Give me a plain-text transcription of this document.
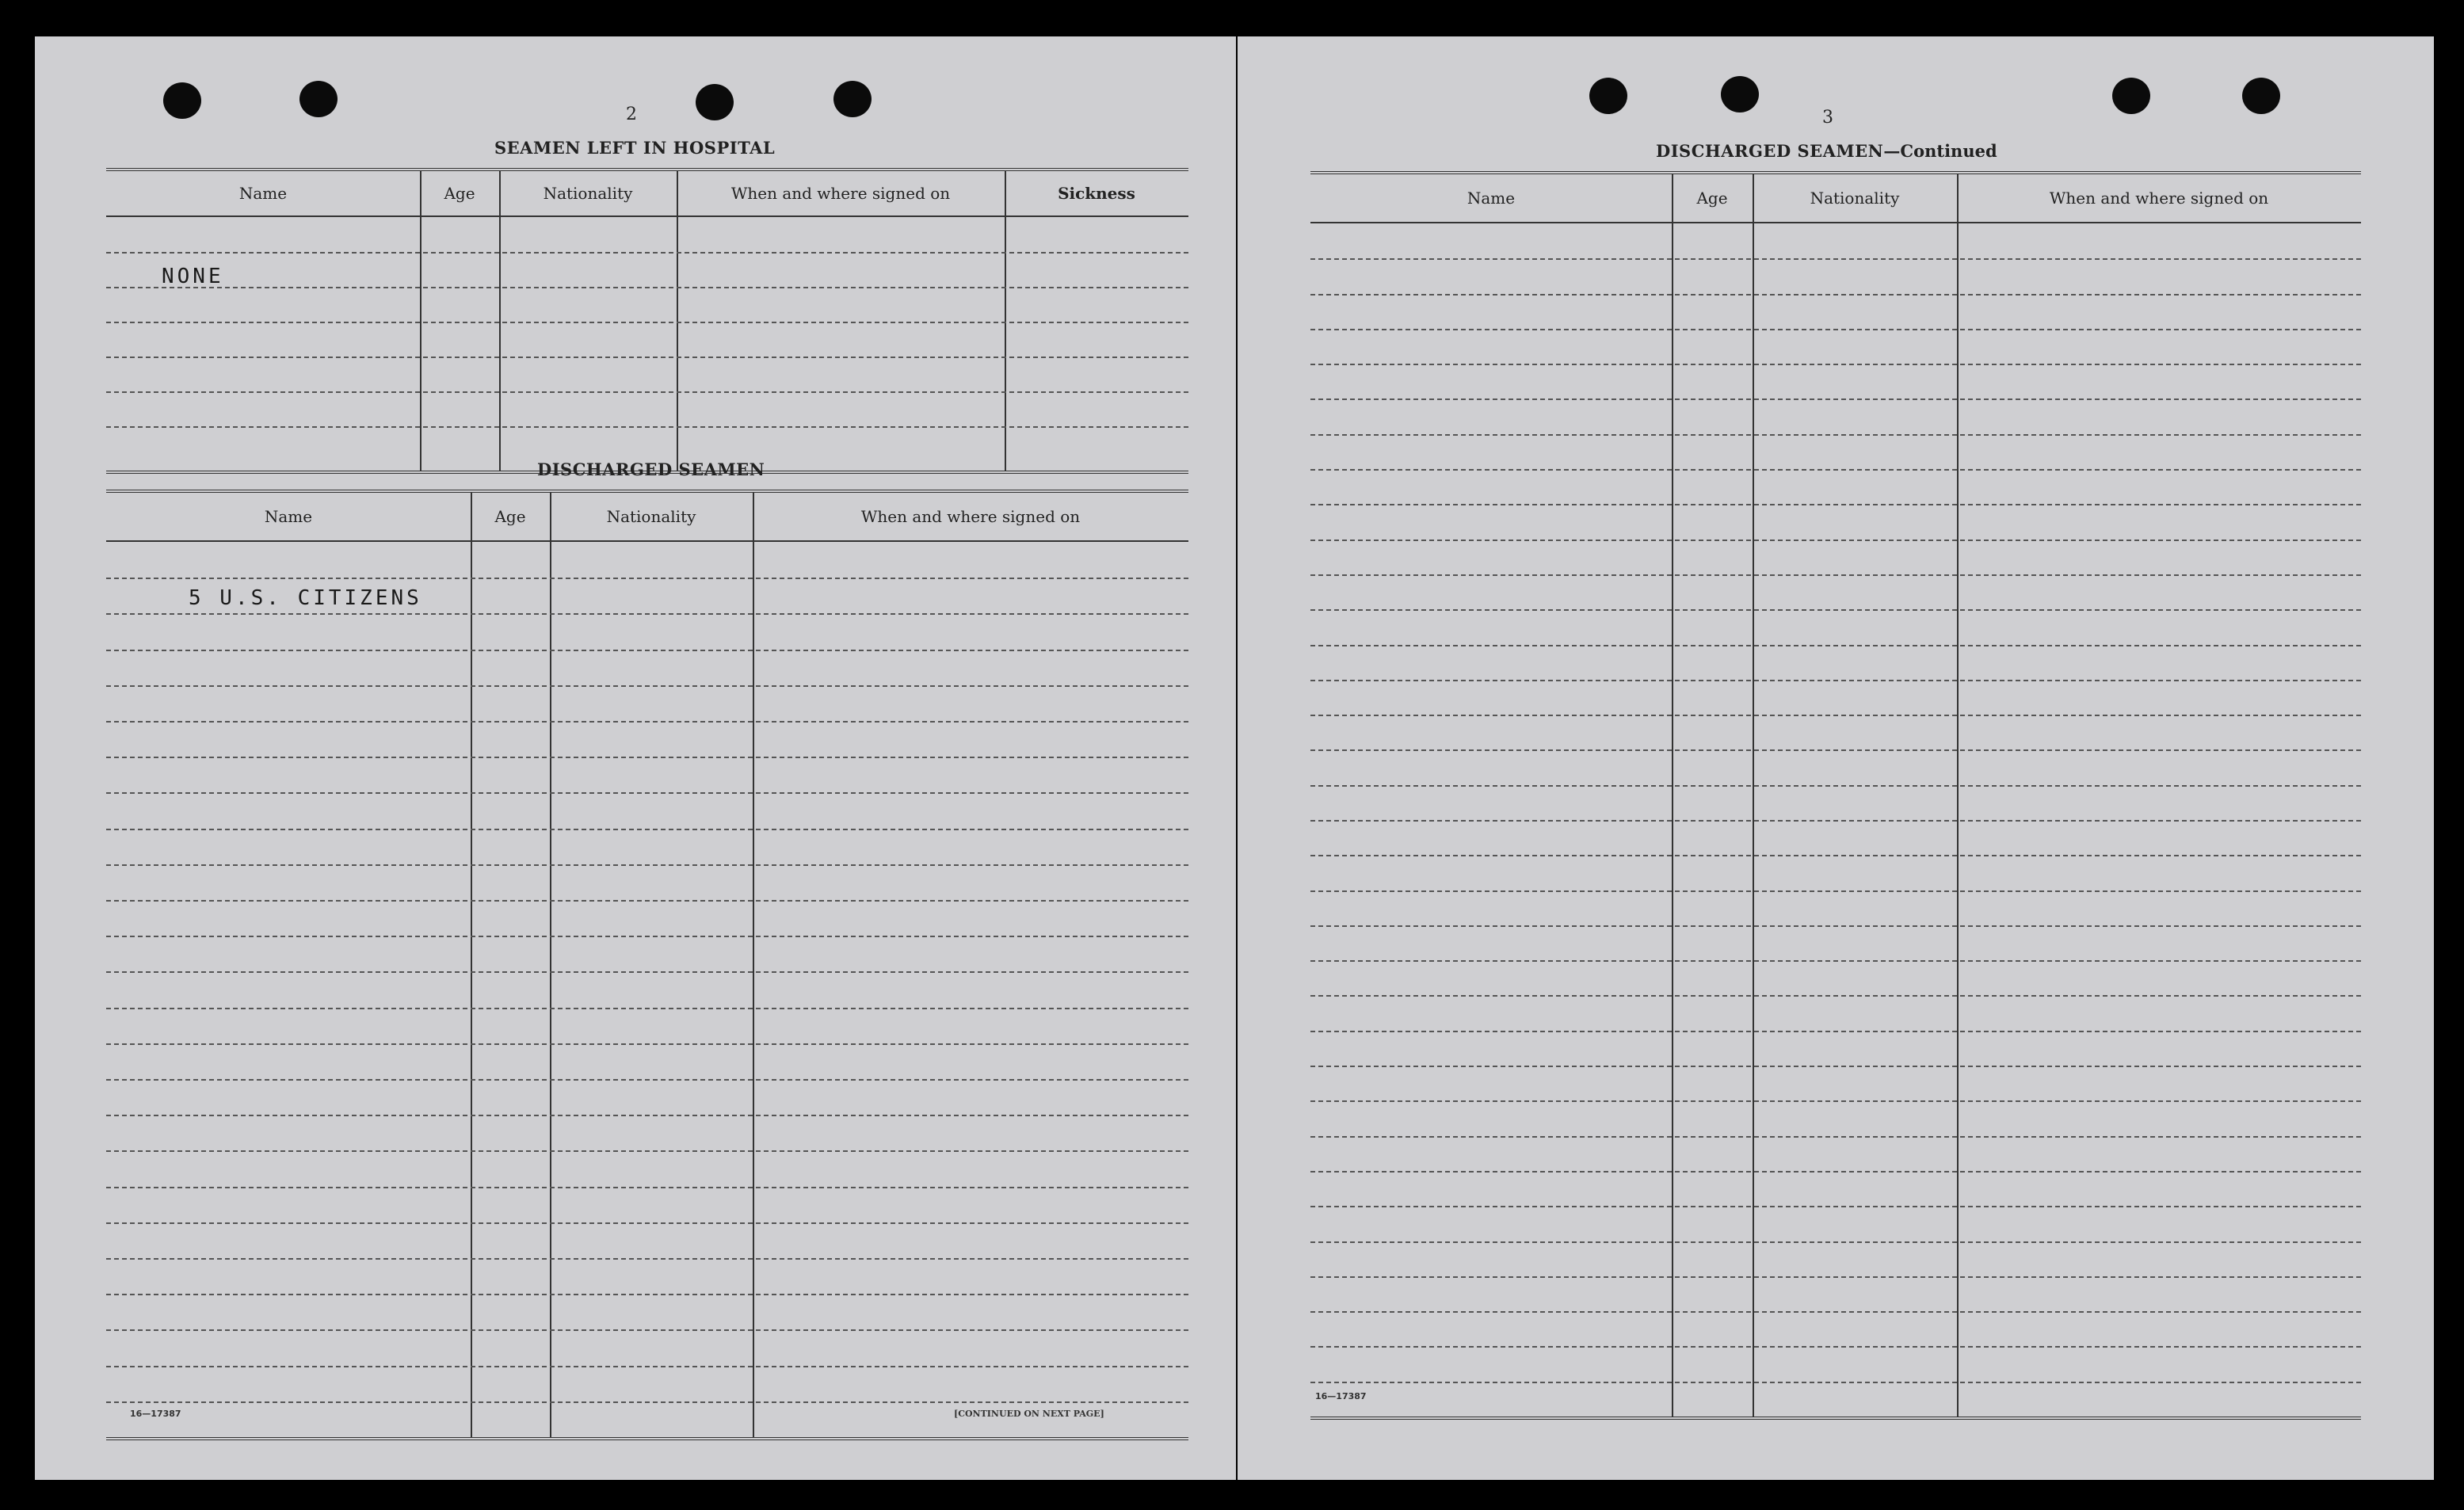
2
SEAMEN LEFT IN HOSPITAL
Name	Age	Nationality	When and where signed on	Sickness
NONE
DISCHARGED SEAMEN
Name	Age	Nationality	When and where signed on
5 U.S. CITIZENS
16—17387	[CONTINUED ON NEXT PAGE]
3
DISCHARGED SEAMEN—Continued
Name	Age	Nationality	When and where signed on
16—17387
